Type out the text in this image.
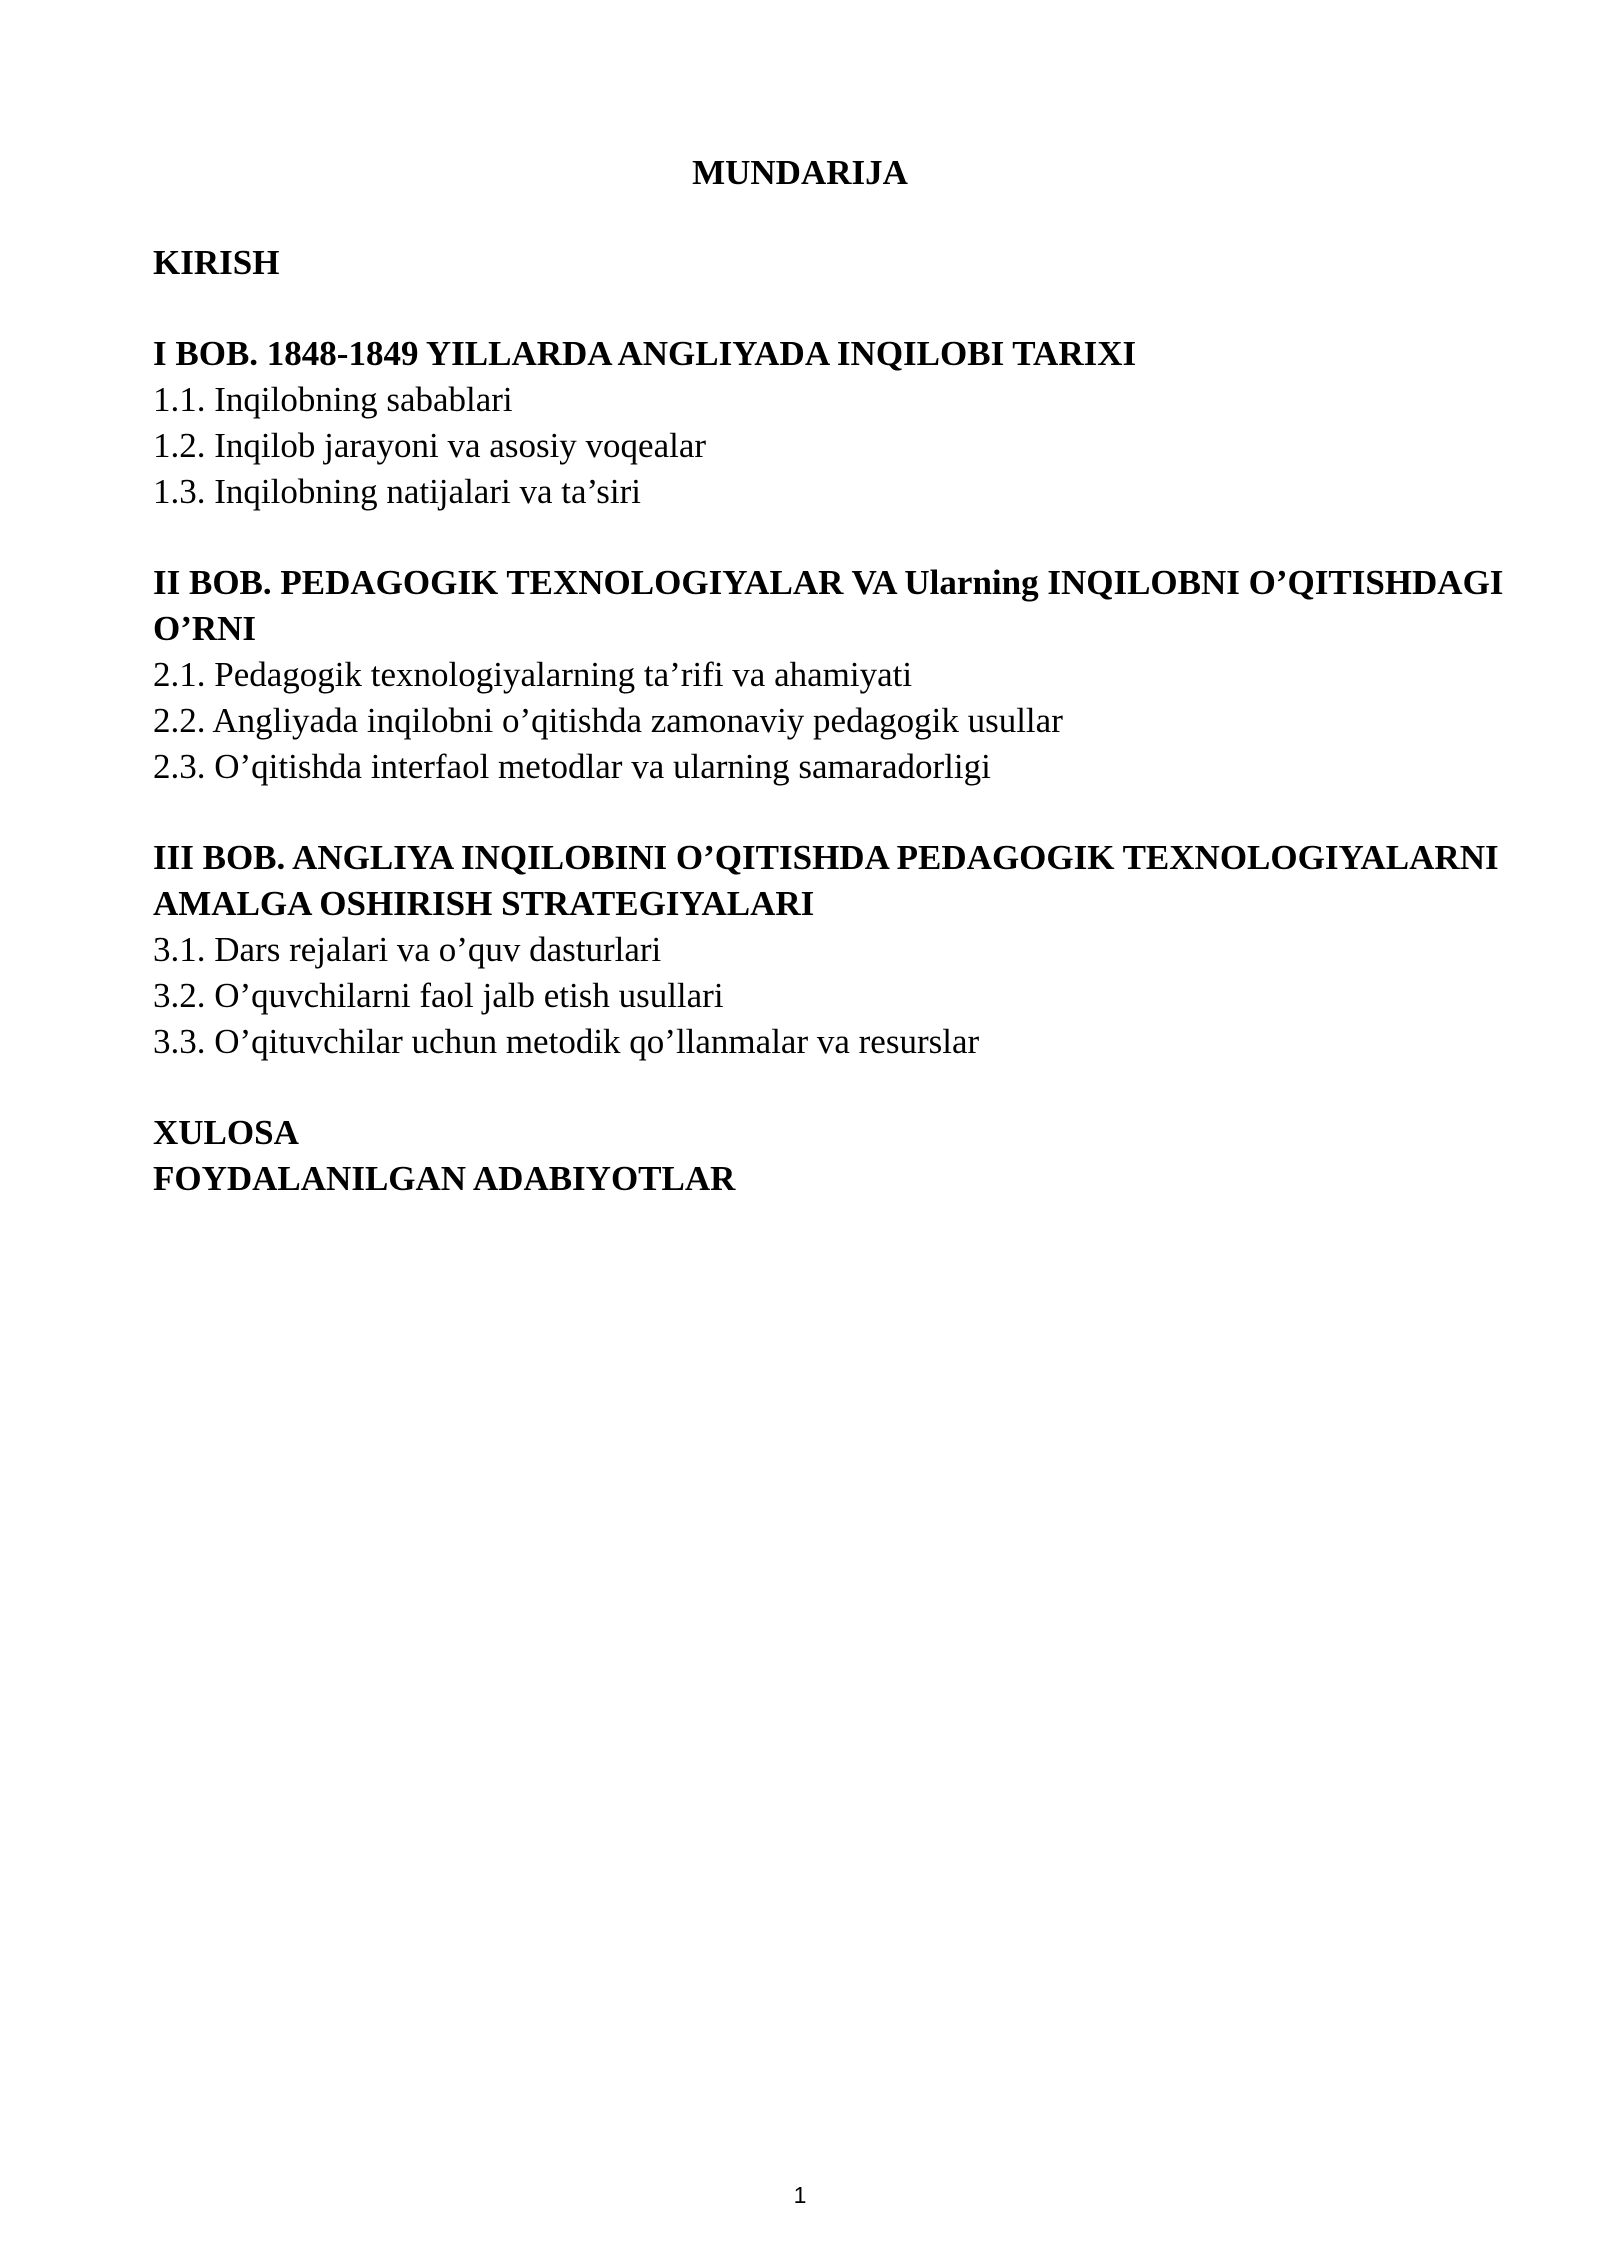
MUNDARIJA
KIRISH
I BOB. 1848-1849 YILLARDA ANGLIYADA INQILOBI TARIXI
1.1. Inqilobning sabablari
1.2. Inqilob jarayoni va asosiy voqealar
1.3. Inqilobning natijalari va ta’siri
II BOB. PEDAGOGIK TEXNOLOGIYALAR VA Ularning INQILOBNI O’QITISHDAGI
O’RNI
2.1. Pedagogik texnologiyalarning ta’rifi va ahamiyati
2.2. Angliyada inqilobni o’qitishda zamonaviy pedagogik usullar
2.3. O’qitishda interfaol metodlar va ularning samaradorligi
III BOB. ANGLIYA INQILOBINI O’QITISHDA PEDAGOGIK TEXNOLOGIYALARNI
AMALGA OSHIRISH STRATEGIYALARI
3.1. Dars rejalari va o’quv dasturlari
3.2. O’quvchilarni faol jalb etish usullari
3.3. O’qituvchilar uchun metodik qo’llanmalar va resurslar
XULOSA
FOYDALANILGAN ADABIYOTLAR
1
